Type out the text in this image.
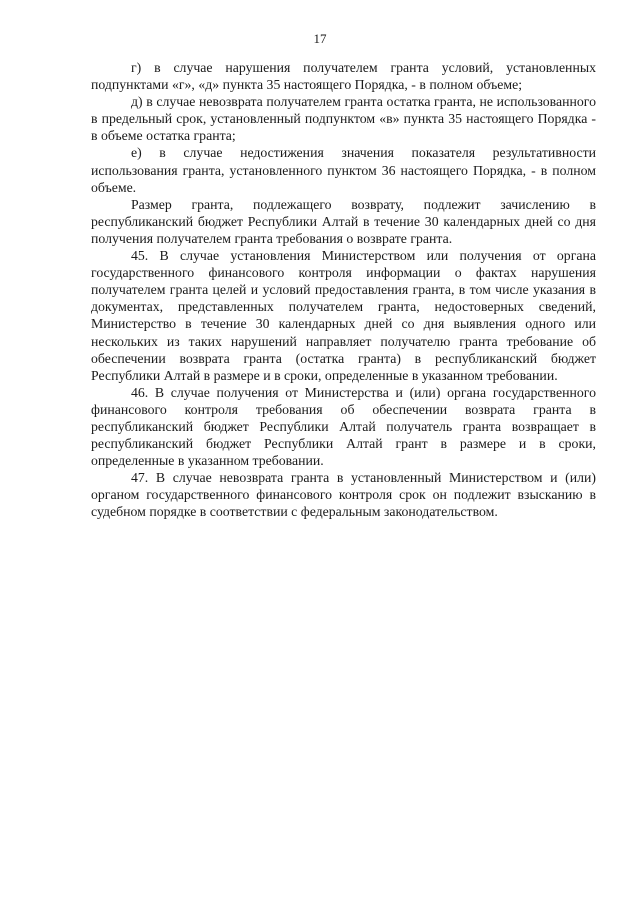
17

г) в случае нарушения получателем гранта условий, установленных подпунктами «г», «д» пункта 35 настоящего Порядка, - в полном объеме;

д) в случае невозврата получателем гранта остатка гранта, не использованного в предельный срок, установленный подпунктом «в» пункта 35 настоящего Порядка - в объеме остатка гранта;

е) в случае недостижения значения показателя результативности использования гранта, установленного пунктом 36 настоящего Порядка, - в полном объеме.

Размер гранта, подлежащего возврату, подлежит зачислению в республиканский бюджет Республики Алтай в течение 30 календарных дней со дня получения получателем гранта требования о возврате гранта.

45. В случае установления Министерством или получения от органа государственного финансового контроля информации о фактах нарушения получателем гранта целей и условий предоставления гранта, в том числе указания в документах, представленных получателем гранта, недостоверных сведений, Министерство в течение 30 календарных дней со дня выявления одного или нескольких из таких нарушений направляет получателю гранта требование об обеспечении возврата гранта (остатка гранта) в республиканский бюджет Республики Алтай в размере и в сроки, определенные в указанном требовании.

46. В случае получения от Министерства и (или) органа государственного финансового контроля требования об обеспечении возврата гранта в республиканский бюджет Республики Алтай получатель гранта возвращает в республиканский бюджет Республики Алтай грант в размере и в сроки, определенные в указанном требовании.

47. В случае невозврата гранта в установленный Министерством и (или) органом государственного финансового контроля срок он подлежит взысканию в судебном порядке в соответствии с федеральным законодательством.
